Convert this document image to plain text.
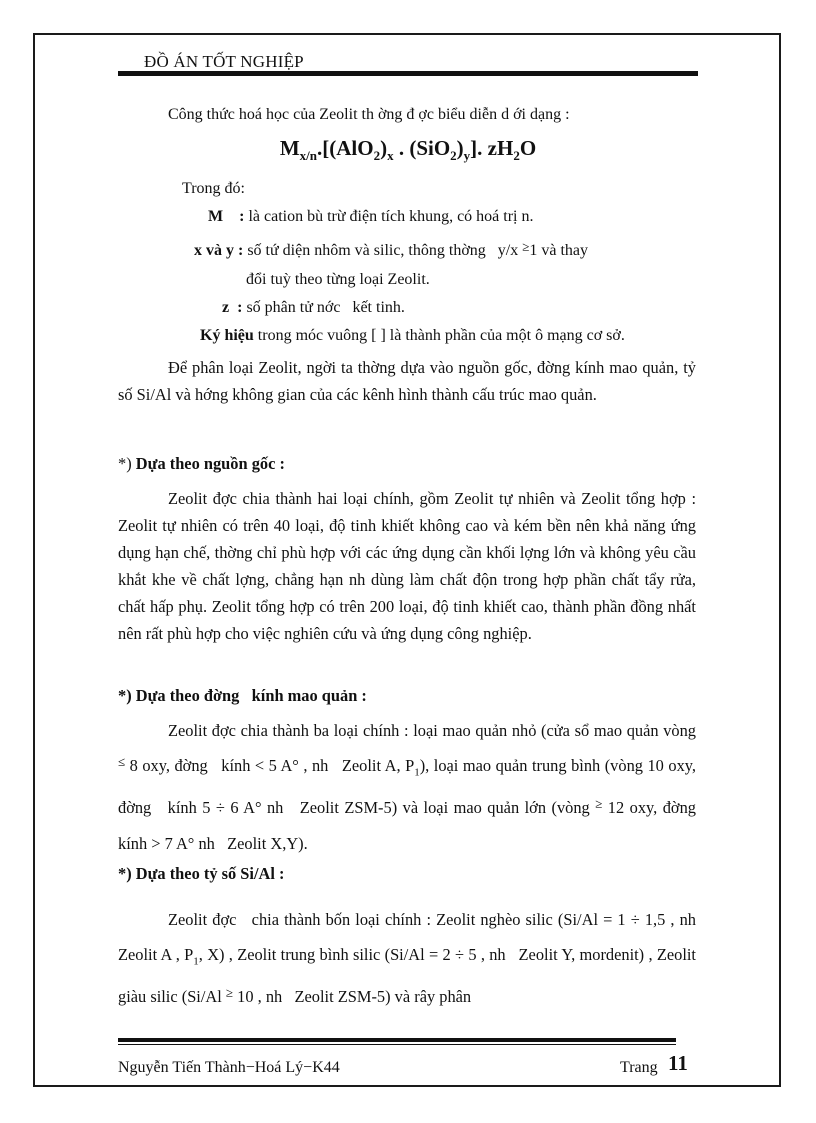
ĐỒ ÁN TỐT NGHIỆP
Công thức hoá học của Zeolit th ờng đ ợc biểu diễn d ới dạng :
$M_{x/n}.[(AlO_2)_x$ . $(SiO_2)_y$]. $zH_2O$
Trong đó:
M    : là cation bù trừ điện tích khung, có hoá trị n.
x và y : số tứ diện nhôm và silic, thông thờng   y/x ≥1 và thay
đổi tuỳ theo từng loại Zeolit.
z  : số phân tử nớc   kết tinh.
Ký hiệu trong móc vuông [ ] là thành phần của một ô mạng cơ sở.
Để phân loại Zeolit, ngời ta thờng dựa vào nguồn gốc, đờng kính mao quản, tỷ số Si/Al và hớng không gian của các kênh hình thành cấu trúc mao quản.
*) Dựa theo nguồn gốc :
Zeolit đợc chia thành hai loại chính, gồm Zeolit tự nhiên và Zeolit tổng hợp : Zeolit tự nhiên có trên 40 loại, độ tinh khiết không cao và kém bền nên khả năng ứng dụng hạn chế, thờng chỉ phù hợp với các ứng dụng cần khối lợng lớn và không yêu cầu khắt khe về chất lợng, chẳng hạn nh dùng làm chất độn trong hợp phần chất tẩy rửa, chất hấp phụ. Zeolit tổng hợp có trên 200 loại, độ tinh khiết cao, thành phần đồng nhất nên rất phù hợp cho việc nghiên cứu và ứng dụng công nghiệp.
*) Dựa theo đờng   kính mao quản :
Zeolit đợc chia thành ba loại chính : loại mao quản nhỏ (cửa sổ mao quản vòng ≤ 8 oxy, đờng   kính < 5 A° , nh   Zeolit A, $P_1$), loại mao quản trung bình (vòng 10 oxy, đờng   kính 5 ÷ 6 A° nh   Zeolit ZSM-5) và loại mao quản lớn (vòng ≥ 12 oxy, đờng   kính > 7 A° nh   Zeolit X,Y).
*) Dựa theo tỷ số Si/Al :
Zeolit đợc   chia thành bốn loại chính : Zeolit nghèo silic (Si/Al = 1 ÷ 1,5 , nh   Zeolit A , $P_1$, X) , Zeolit trung bình silic (Si/Al = 2 ÷ 5 , nh   Zeolit Y, mordenit) , Zeolit giàu silic (Si/Al ≥ 10 , nh   Zeolit ZSM-5) và rây phân
Nguyễn Tiến Thành−Hoá Lý−K44	Trang 11
